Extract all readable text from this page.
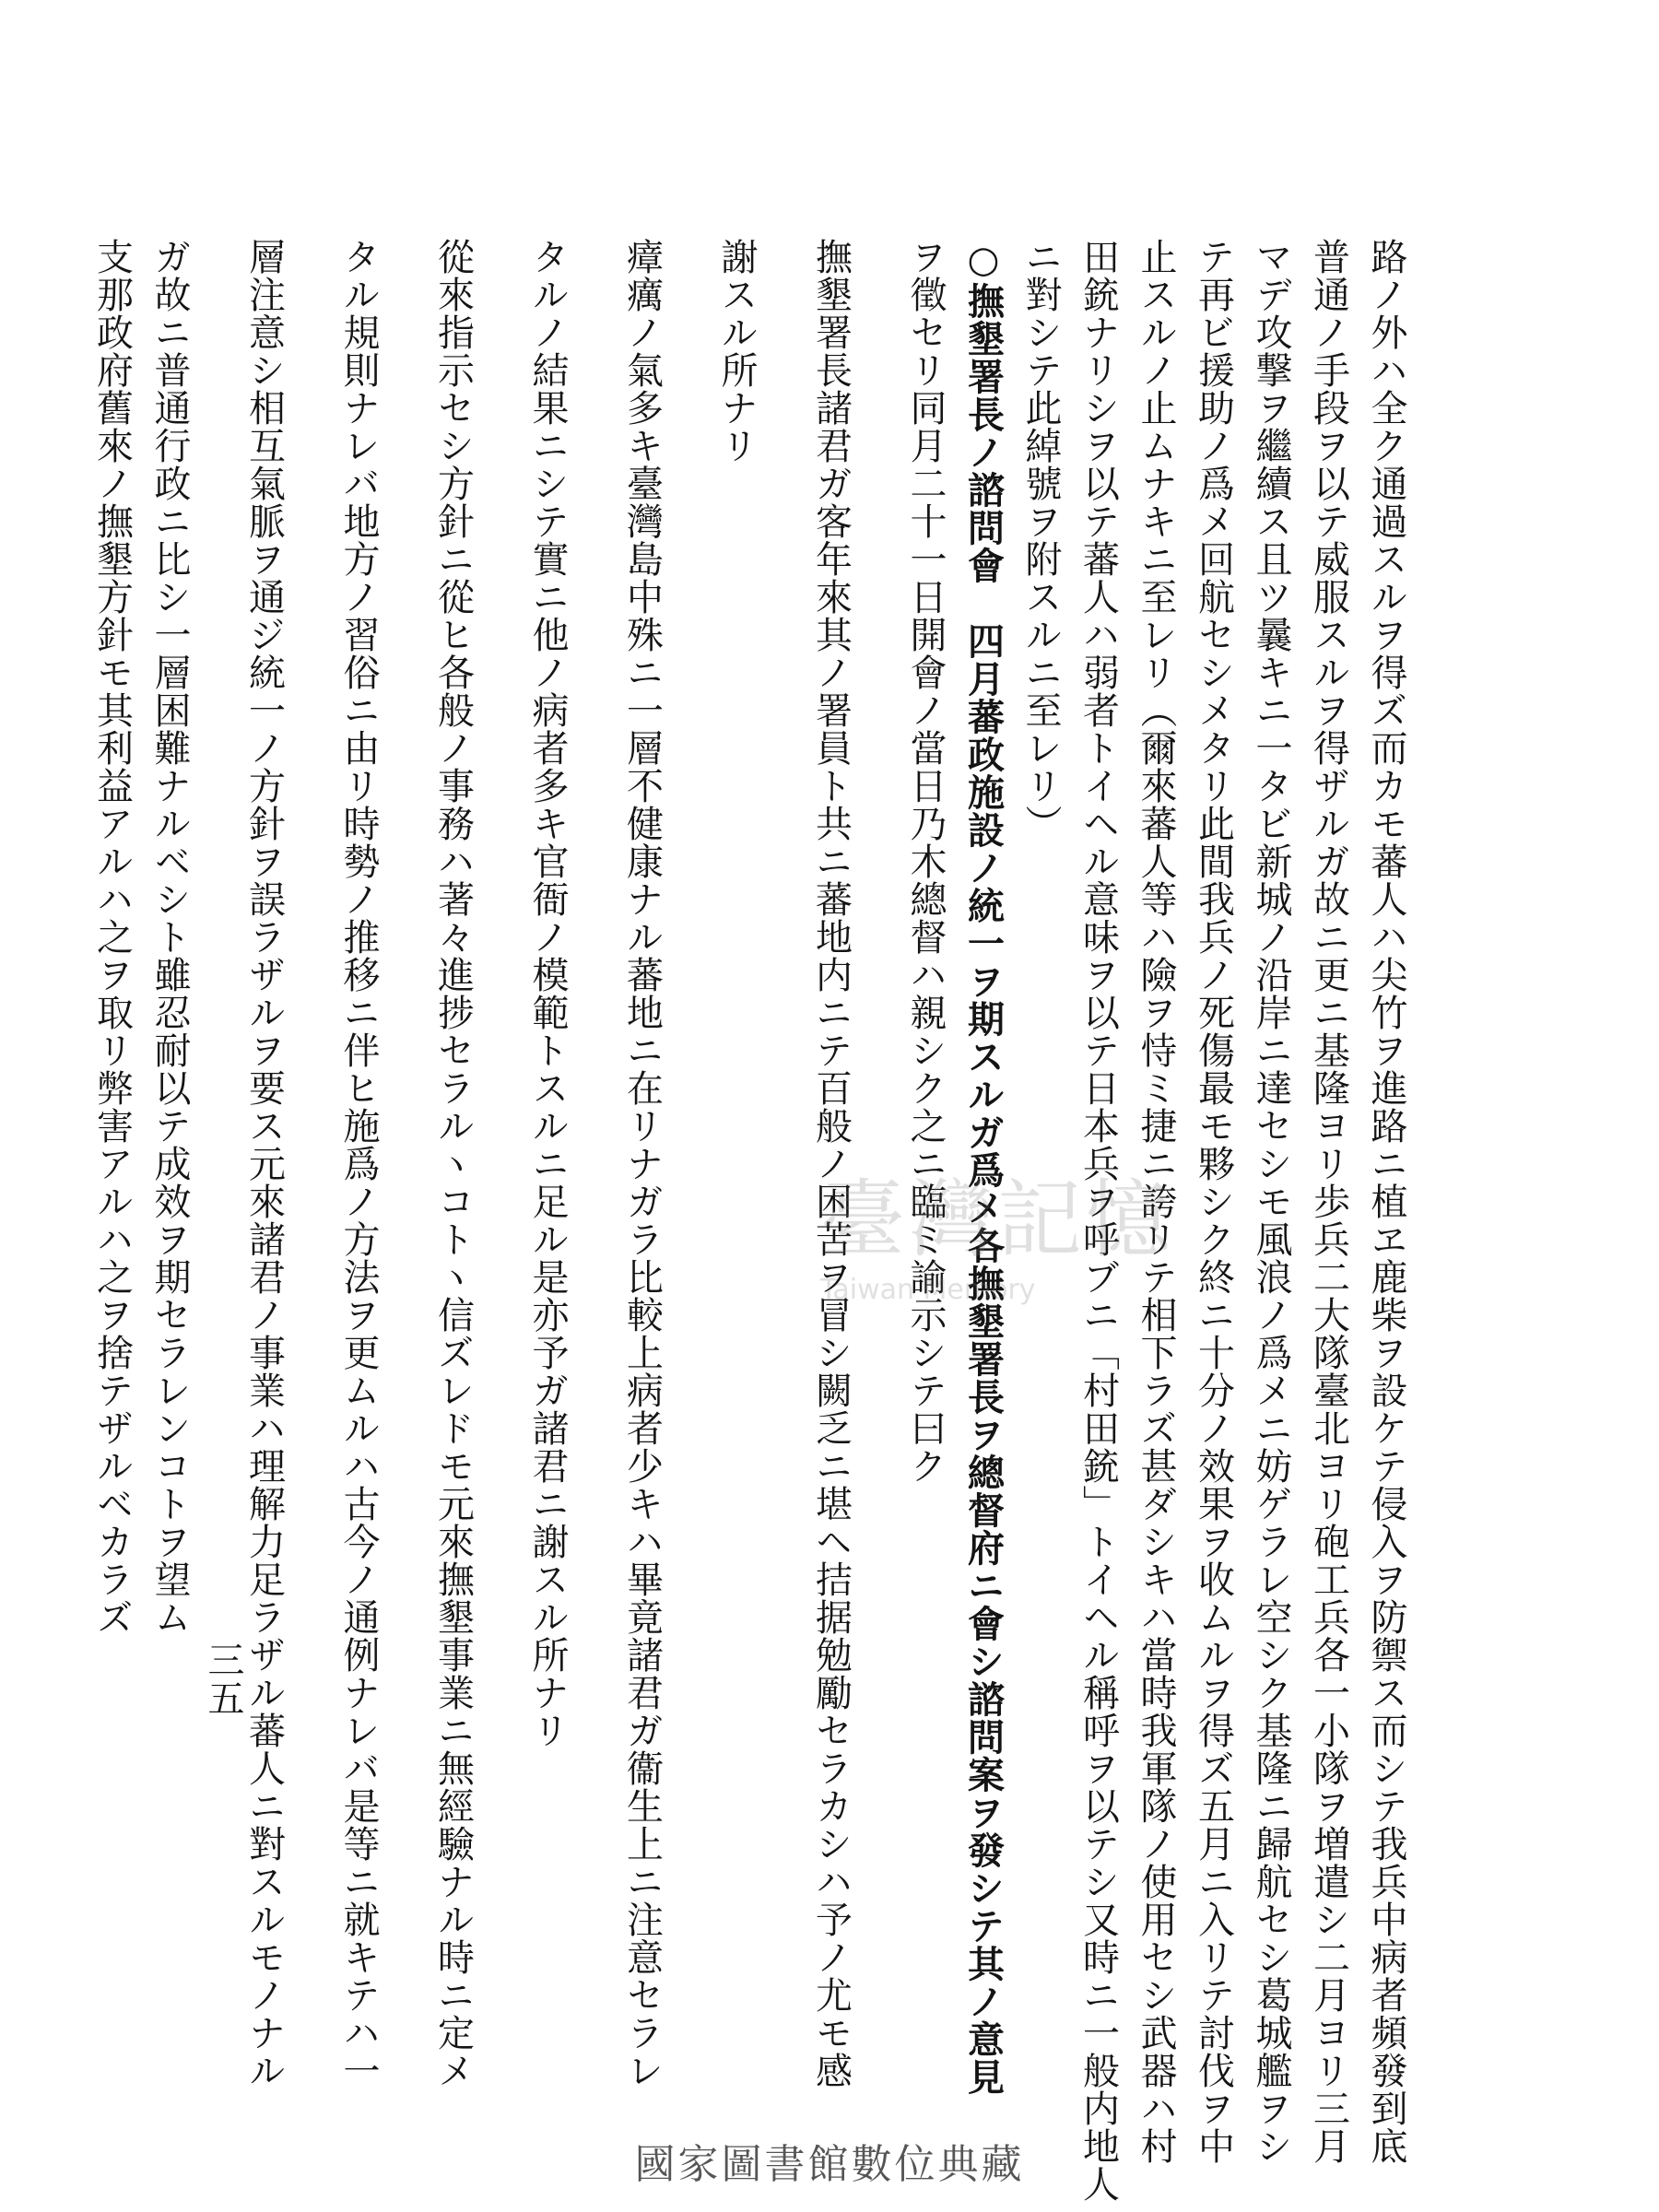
路ノ外ハ全ク通過スルヲ得ズ而カモ蕃人ハ尖竹ヲ進路ニ植ヱ鹿柴ヲ設ケテ侵入ヲ防禦ス而シテ我兵中病者頻發到底
普通ノ手段ヲ以テ威服スルヲ得ザルガ故ニ更ニ基隆ヨリ歩兵二大隊臺北ヨリ砲工兵各一小隊ヲ増遣シ二月ヨリ三月
マデ攻撃ヲ繼續ス且ツ曩キニ一タビ新城ノ沿岸ニ達セシモ風浪ノ爲メニ妨ゲラレ空シク基隆ニ歸航セシ葛城艦ヲシ
テ再ビ援助ノ爲メ回航セシメタリ此間我兵ノ死傷最モ夥シク終ニ十分ノ效果ヲ收ムルヲ得ズ五月ニ入リテ討伐ヲ中
止スルノ止ムナキニ至レリ（爾來蕃人等ハ險ヲ恃ミ捷ニ誇リテ相下ラズ甚ダシキハ當時我軍隊ノ使用セシ武器ハ村
田銃ナリシヲ以テ蕃人ハ弱者トイヘル意味ヲ以テ日本兵ヲ呼ブニ「村田銃」トイヘル稱呼ヲ以テシ又時ニ一般内地人
ニ對シテ此綽號ヲ附スルニ至レリ）
○撫墾署長ノ諮問會　四月蕃政施設ノ統一ヲ期スルガ爲メ各撫墾署長ヲ總督府ニ會シ諮問案ヲ發シテ其ノ意見
ヲ徵セリ同月二十一日開會ノ當日乃木總督ハ親シク之ニ臨ミ諭示シテ曰ク
撫墾署長諸君ガ客年來其ノ署員ト共ニ蕃地内ニテ百般ノ困苦ヲ冒シ闕乏ニ堪ヘ拮据勉勵セラカシハ予ノ尤モ感
謝スル所ナリ
瘴癘ノ氣多キ臺灣島中殊ニ一層不健康ナル蕃地ニ在リナガラ比較上病者少キハ畢竟諸君ガ衞生上ニ注意セラレ
タルノ結果ニシテ實ニ他ノ病者多キ官衙ノ模範トスルニ足ル是亦予ガ諸君ニ謝スル所ナリ
從來指示セシ方針ニ從ヒ各般ノ事務ハ著々進捗セラルヽコトヽ信ズレドモ元來撫墾事業ニ無經驗ナル時ニ定メ
タル規則ナレバ地方ノ習俗ニ由リ時勢ノ推移ニ伴ヒ施爲ノ方法ヲ更ムルハ古今ノ通例ナレバ是等ニ就キテハ一
層注意シ相互氣脈ヲ通ジ統一ノ方針ヲ誤ラザルヲ要ス元來諸君ノ事業ハ理解力足ラザル蕃人ニ對スルモノナル
ガ故ニ普通行政ニ比シ一層困難ナルベシト雖忍耐以テ成效ヲ期セラレンコトヲ望ム
支那政府舊來ノ撫墾方針モ其利益アルハ之ヲ取リ弊害アルハ之ヲ捨テザルベカラズ	臺灣記憶
Taiwan Memory
三五
國家圖書館數位典藏
